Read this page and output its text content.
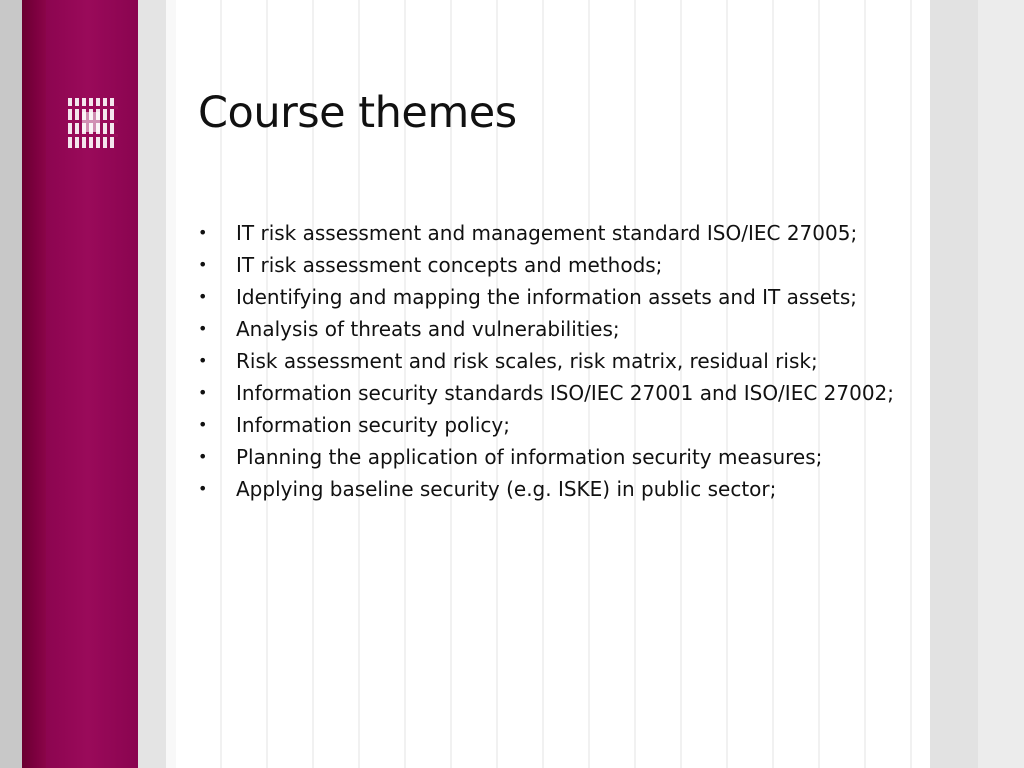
Course themes
• IT risk assessment and management standard ISO/IEC 27005;
• IT risk assessment concepts and methods;
• Identifying and mapping the information assets and IT assets;
• Analysis of threats and vulnerabilities;
• Risk assessment and risk scales, risk matrix, residual risk;
• Information security standards ISO/IEC 27001 and ISO/IEC 27002;
• Information security policy;
• Planning the application of information security measures;
• Applying baseline security (e.g. ISKE) in public sector;
